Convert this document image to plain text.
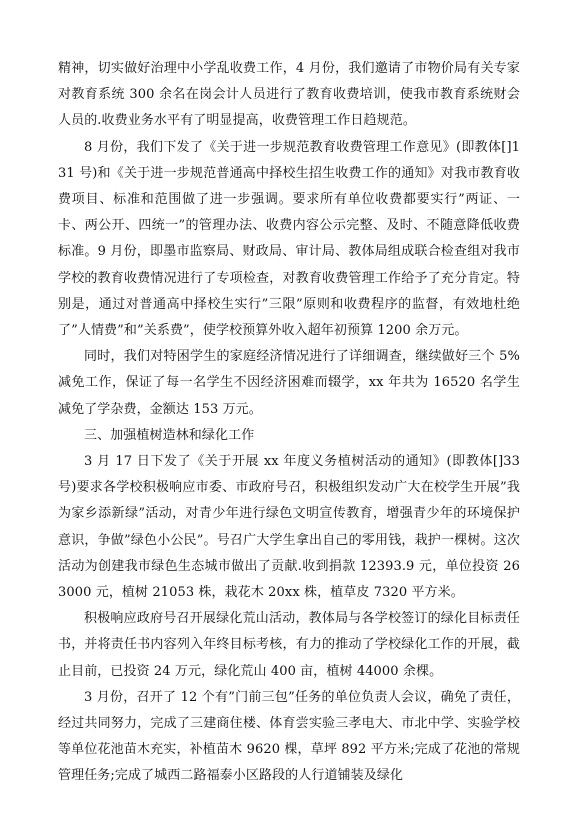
精神，切实做好治理中小学乱收费工作，4 月份，我们邀请了市物价局有关专家对教育系统 300 余名在岗会计人员进行了教育收费培训，使我市教育系统财会人员的.收费业务水平有了明显提高，收费管理工作日趋规范。

8 月份，我们下发了《关于进一步规范教育收费管理工作意见》(即教体[]131 号)和《关于进一步规范普通高中择校生招生收费工作的通知》对我市教育收费项目、标准和范围做了进一步强调。要求所有单位收费都要实行”两证、一卡、两公开、四统一”的管理办法、收费内容公示完整、及时、不随意降低收费标准。9 月份，即墨市监察局、财政局、审计局、教体局组成联合检查组对我市学校的教育收费情况进行了专项检查，对教育收费管理工作给予了充分肯定。特别是，通过对普通高中择校生实行”三限”原则和收费程序的监督，有效地杜绝了”人情费”和”关系费”，使学校预算外收入超年初预算 1200 余万元。

同时，我们对特困学生的家庭经济情况进行了详细调查，继续做好三个 5%减免工作，保证了每一名学生不因经济困难而辍学，xx 年共为 16520 名学生减免了学杂费，金额达 153 万元。

三、加强植树造林和绿化工作

3 月 17 日下发了《关于开展 xx 年度义务植树活动的通知》(即教体[]33 号)要求各学校积极响应市委、市政府号召，积极组织发动广大在校学生开展”我为家乡添新绿”活动，对青少年进行绿色文明宣传教育，增强青少年的环境保护意识，争做”绿色小公民”。号召广大学生拿出自己的零用钱，栽护一棵树。这次活动为创建我市绿色生态城市做出了贡献.收到捐款 12393.9 元，单位投资 263000 元，植树 21053 株，栽花木 20xx 株，植草皮 7320 平方米。

积极响应政府号召开展绿化荒山活动，教体局与各学校签订的绿化目标责任书，并将责任书内容列入年终目标考核，有力的推动了学校绿化工作的开展，截止目前，已投资 24 万元，绿化荒山 400 亩，植树 44000 余棵。

3 月份，召开了 12 个有”门前三包”任务的单位负责人会议，确免了责任，经过共同努力，完成了三建商住楼、体育尝实验三孝电大、市北中学、实验学校等单位花池苗木充实，补植苗木 9620 棵，草坪 892 平方米;完成了花池的常规管理任务;完成了城西二路福泰小区路段的人行道铺装及绿化
